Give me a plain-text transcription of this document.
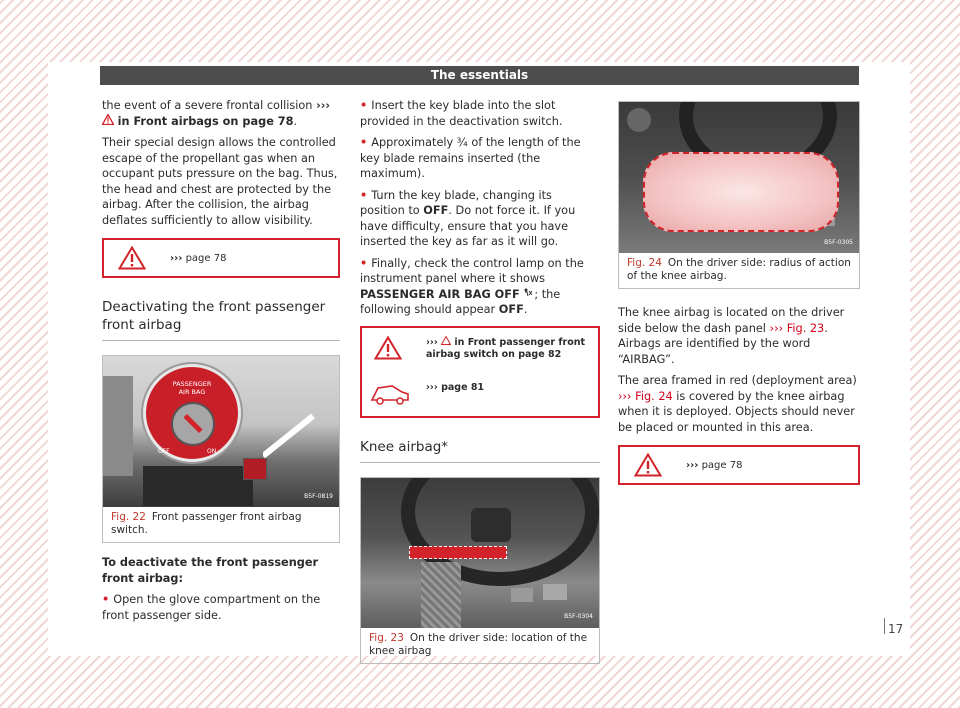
The essentials

the event of a severe frontal collision ›››  in Front airbags on page 78.

Their special design allows the controlled escape of the propellant gas when an occupant puts pressure on the bag. Thus, the head and chest are protected by the airbag. After the collision, the airbag deflates sufficiently to allow visibility.

››› page 78
Deactivating the front passenger front airbag
PASSENGER
AIR BAG
OFF	ON
B5F-0819
Fig. 22 Front passenger front airbag switch.

To deactivate the front passenger front airbag:

• Open the glove compartment on the front passenger side.

• Insert the key blade into the slot provided in the deactivation switch.

• Approximately ¾ of the length of the key blade remains inserted (the maximum).

• Turn the key blade, changing its position to OFF. Do not force it. If you have difficulty, ensure that you have inserted the key as far as it will go.

• Finally, check the control lamp on the instrument panel where it shows PASSENGER AIR BAG OFF ; the following should appear OFF.

››› in Front passenger front airbag switch on page 82
››› page 81
Knee airbag*
B5F-0304
Fig. 23 On the driver side: location of the knee airbag
B5F-0305
Fig. 24 On the driver side: radius of action of the knee airbag.

The knee airbag is located on the driver side below the dash panel ››› Fig. 23. Airbags are identified by the word “AIRBAG”.

The area framed in red (deployment area) ››› Fig. 24 is covered by the knee airbag when it is deployed. Objects should never be placed or mounted in this area.

››› page 78
17
